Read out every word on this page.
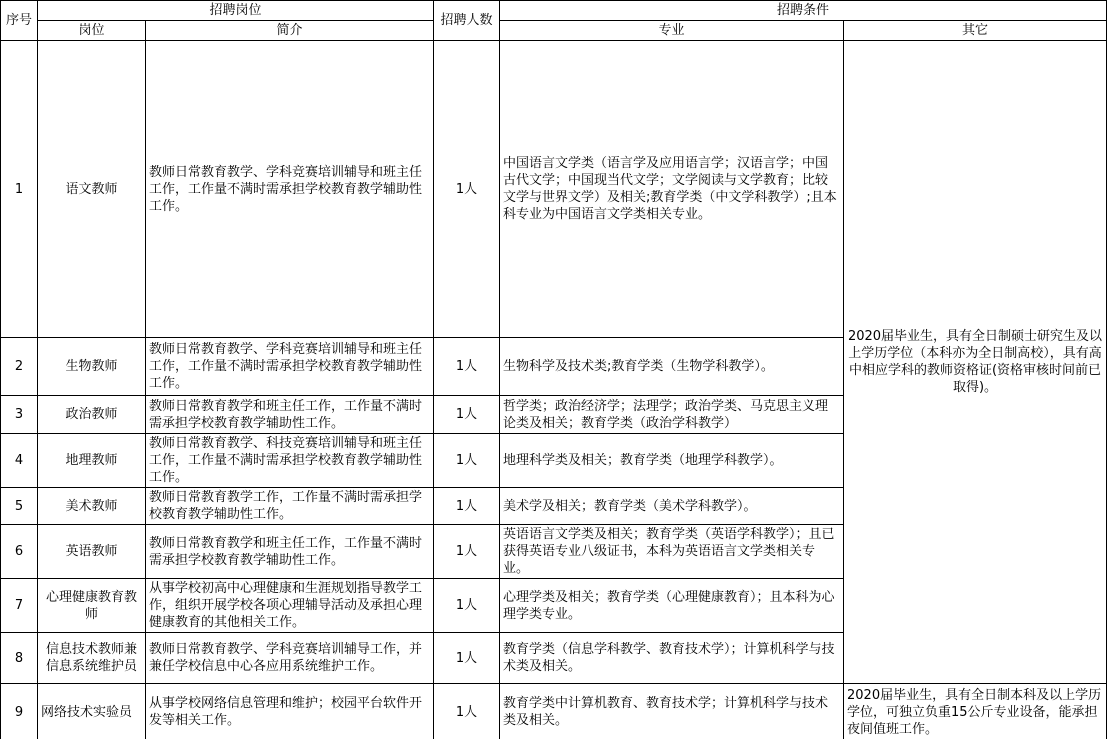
序号	招聘岗位		招聘人数	招聘条件	
	岗位	简介		专业	其它
1	语文教师	教师日常教育教学、学科竞赛培训辅导和班主任工作，工作量不满时需承担学校教育教学辅助性工作。	1人	中国语言文学类（语言学及应用语言学；汉语言学；中国古代文学；中国现当代文学；文学阅读与文学教育；比较文学与世界文学）及相关;教育学类（中文学科教学）;且本科专业为中国语言文学类相关专业。	2020届毕业生，具有全日制硕士研究生及以上学历学位（本科亦为全日制高校），具有高中相应学科的教师资格证(资格审核时间前已取得)。
2	生物教师	教师日常教育教学、学科竞赛培训辅导和班主任工作，工作量不满时需承担学校教育教学辅助性工作。	1人	生物科学及技术类;教育学类（生物学科教学）。	
3	政治教师	教师日常教育教学和班主任工作，工作量不满时需承担学校教育教学辅助性工作。	1人	哲学类；政治经济学；法理学；政治学类、马克思主义理论类及相关；教育学类（政治学科教学）	
4	地理教师	教师日常教育教学、科技竞赛培训辅导和班主任工作，工作量不满时需承担学校教育教学辅助性工作。	1人	地理科学类及相关；教育学类（地理学科教学）。	
5	美术教师	教师日常教育教学工作，工作量不满时需承担学校教育教学辅助性工作。	1人	美术学及相关；教育学类（美术学科教学）。	
6	英语教师	教师日常教育教学和班主任工作，工作量不满时需承担学校教育教学辅助性工作。	1人	英语语言文学类及相关；教育学类（英语学科教学）；且已获得英语专业八级证书，本科为英语语言文学类相关专业。	
7	心理健康教育教师	从事学校初高中心理健康和生涯规划指导教学工作，组织开展学校各项心理辅导活动及承担心理健康教育的其他相关工作。	1人	心理学类及相关；教育学类（心理健康教育）；且本科为心理学类专业。	
8	信息技术教师兼信息系统维护员	教师日常教育教学、学科竞赛培训辅导工作，并兼任学校信息中心各应用系统维护工作。	1人	教育学类（信息学科教学、教育技术学）；计算机科学与技术类及相关。	
9	网络技术实验员	从事学校网络信息管理和维护；校园平台软件开发等相关工作。	1人	教育学类中计算机教育、教育技术学；计算机科学与技术类及相关。	2020届毕业生，具有全日制本科及以上学历学位，可独立负重15公斤专业设备，能承担夜间值班工作。
